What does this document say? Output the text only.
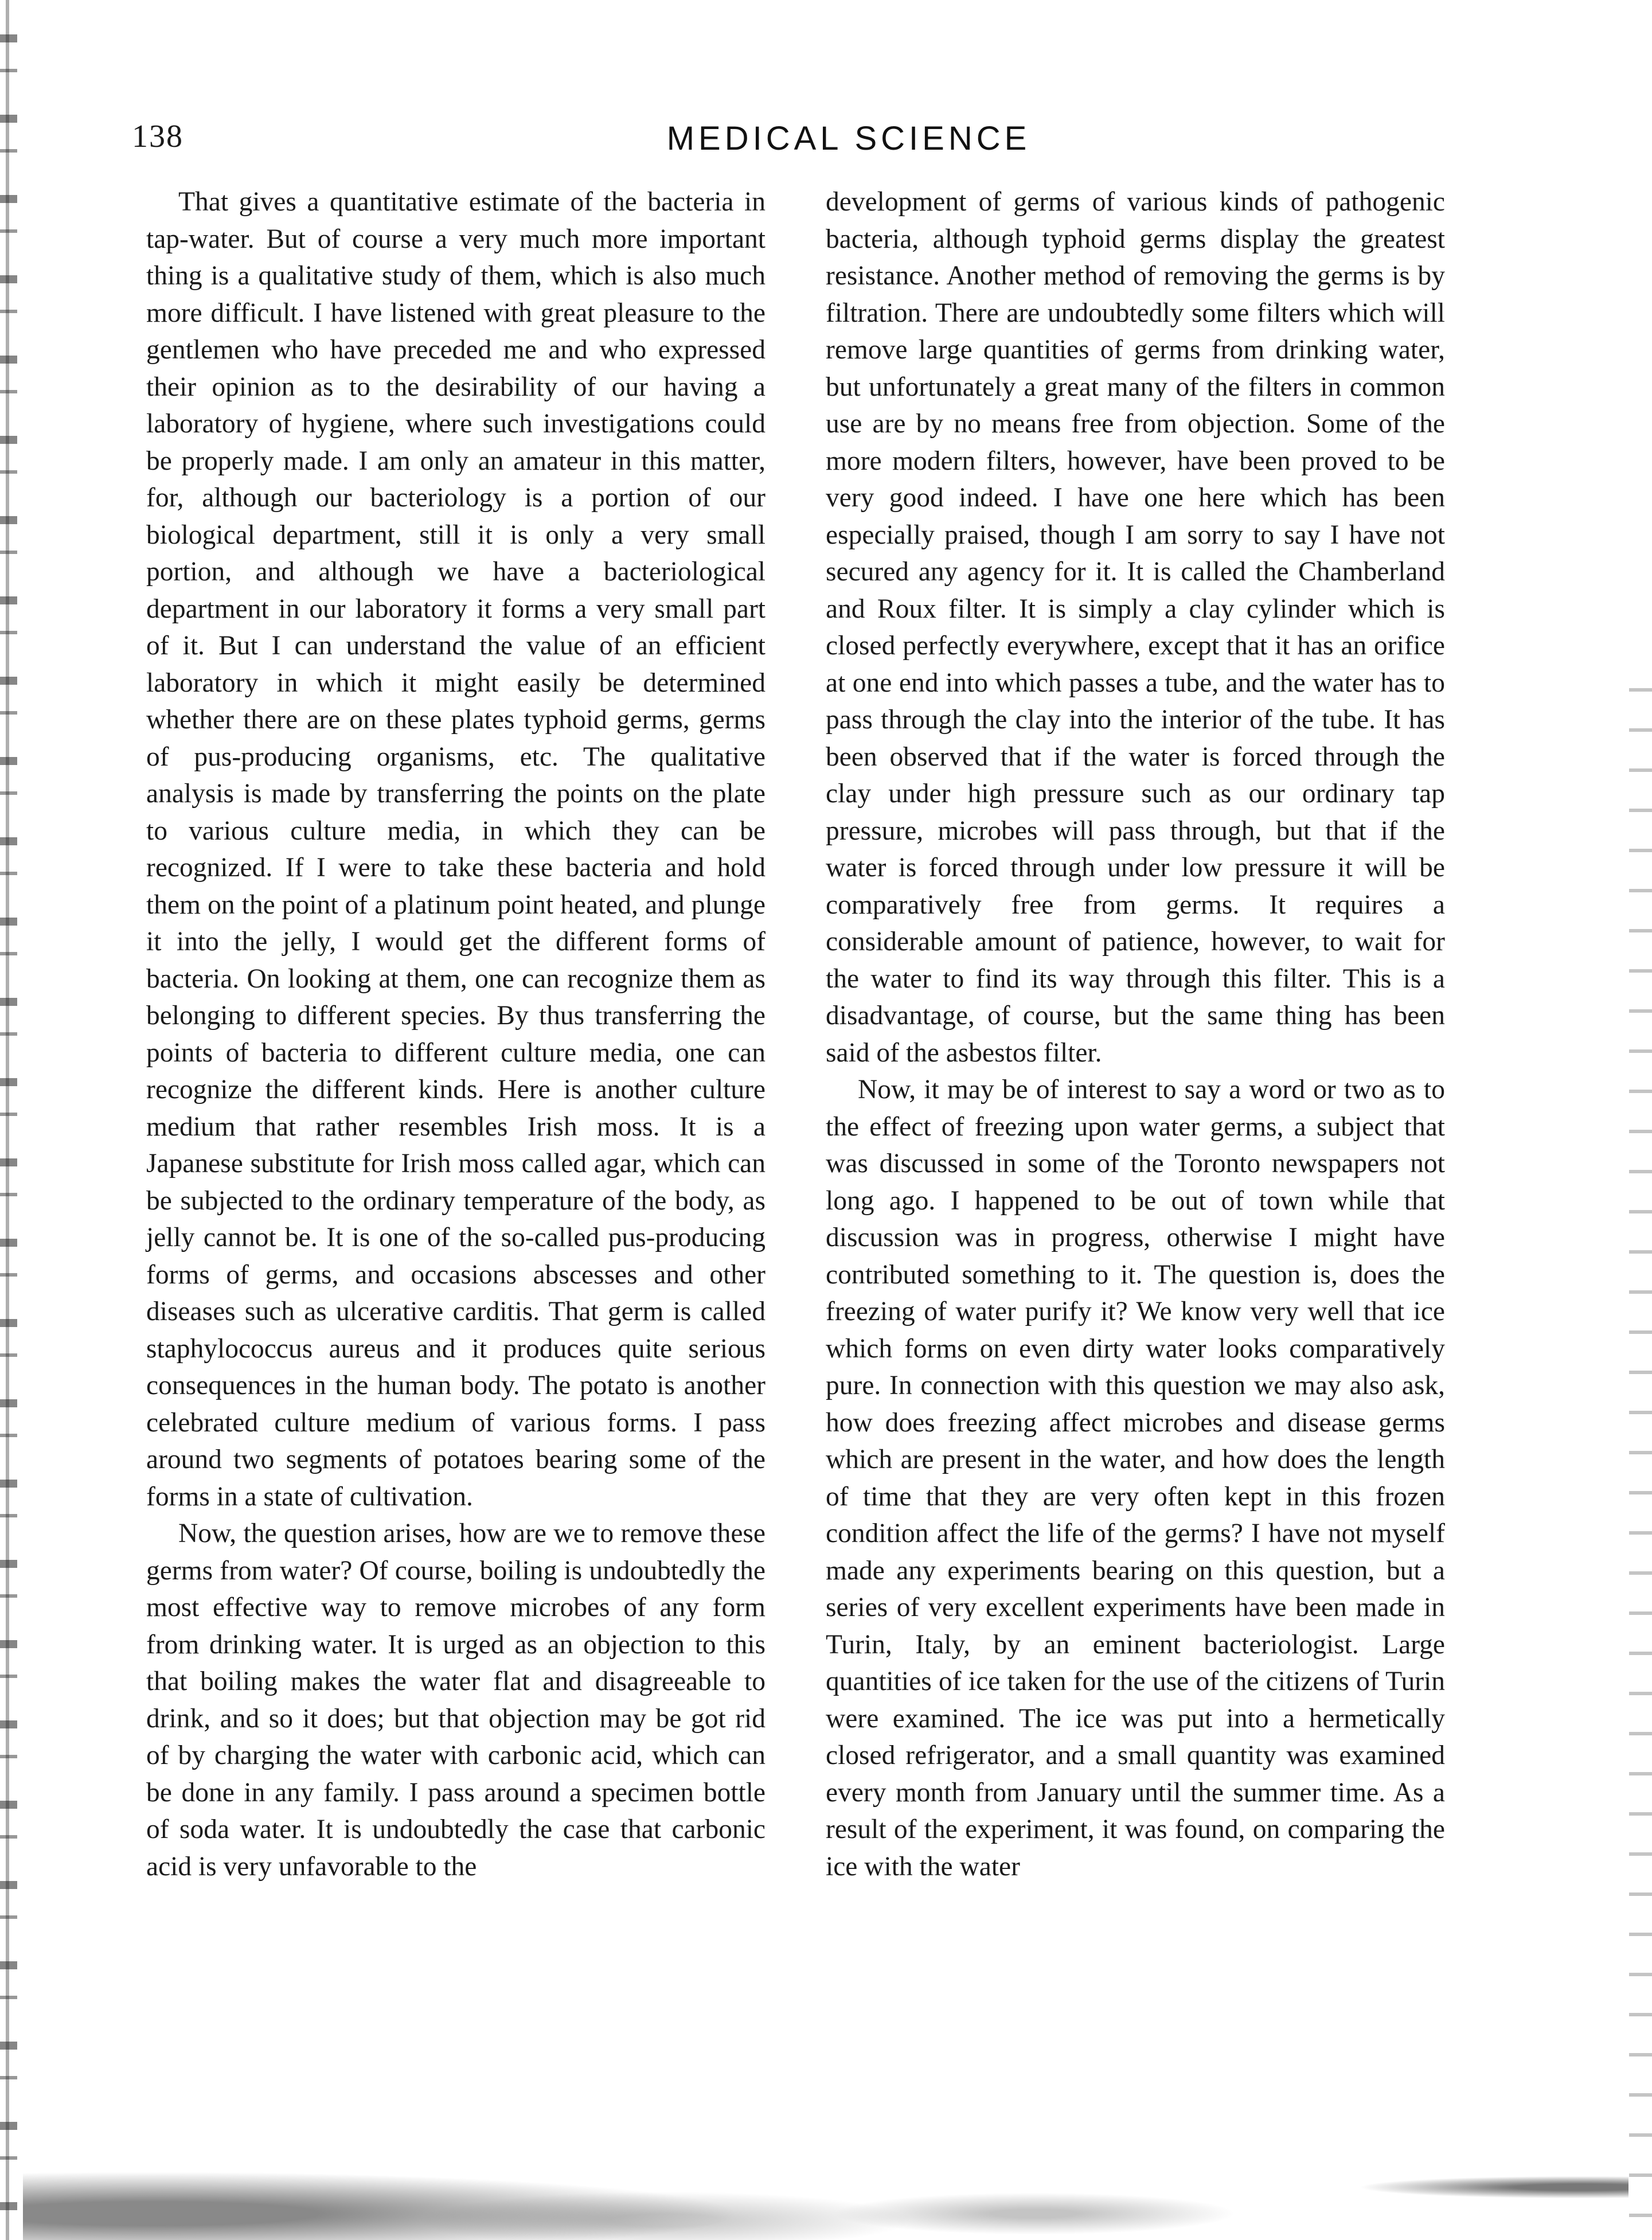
138	MEDICAL SCIENCE

That gives a quantitative estimate of the bacteria in tap-water. But of course a very much more important thing is a qualitative study of them, which is also much more difficult. I have listened with great pleasure to the gentlemen who have preceded me and who expressed their opinion as to the desirability of our having a laboratory of hygiene, where such investigations could be properly made. I am only an amateur in this matter, for, although our bacteriology is a portion of our biological department, still it is only a very small portion, and although we have a bacteriological department in our laboratory it forms a very small part of it. But I can understand the value of an efficient laboratory in which it might easily be determined whether there are on these plates typhoid germs, germs of pus-producing organisms, etc. The qualitative analysis is made by transferring the points on the plate to various culture media, in which they can be recognized. If I were to take these bacteria and hold them on the point of a platinum point heated, and plunge it into the jelly, I would get the different forms of bacteria. On looking at them, one can recognize them as belonging to different species. By thus transferring the points of bacteria to different culture media, one can recognize the different kinds. Here is another culture medium that rather resembles Irish moss. It is a Japanese substitute for Irish moss called agar, which can be subjected to the ordinary temperature of the body, as jelly cannot be. It is one of the so-called pus-producing forms of germs, and occasions abscesses and other diseases such as ulcerative carditis. That germ is called staphylococcus aureus and it produces quite serious consequences in the human body. The potato is another celebrated culture medium of various forms. I pass around two segments of potatoes bearing some of the forms in a state of cultivation.

Now, the question arises, how are we to remove these germs from water? Of course, boiling is undoubtedly the most effective way to remove microbes of any form from drinking water. It is urged as an objection to this that boiling makes the water flat and disagreeable to drink, and so it does; but that objection may be got rid of by charging the water with carbonic acid, which can be done in any family. I pass around a specimen bottle of soda water. It is undoubtedly the case that carbonic acid is very unfavorable to the

development of germs of various kinds of pathogenic bacteria, although typhoid germs display the greatest resistance. Another method of removing the germs is by filtration. There are undoubtedly some filters which will remove large quantities of germs from drinking water, but unfortunately a great many of the filters in common use are by no means free from objection. Some of the more modern filters, however, have been proved to be very good indeed. I have one here which has been especially praised, though I am sorry to say I have not secured any agency for it. It is called the Chamberland and Roux filter. It is simply a clay cylinder which is closed perfectly everywhere, except that it has an orifice at one end into which passes a tube, and the water has to pass through the clay into the interior of the tube. It has been observed that if the water is forced through the clay under high pressure such as our ordinary tap pressure, microbes will pass through, but that if the water is forced through under low pressure it will be comparatively free from germs. It requires a considerable amount of patience, however, to wait for the water to find its way through this filter. This is a disadvantage, of course, but the same thing has been said of the asbestos filter.

Now, it may be of interest to say a word or two as to the effect of freezing upon water germs, a subject that was discussed in some of the Toronto newspapers not long ago. I happened to be out of town while that discussion was in progress, otherwise I might have contributed something to it. The question is, does the freezing of water purify it? We know very well that ice which forms on even dirty water looks comparatively pure. In connection with this question we may also ask, how does freezing affect microbes and disease germs which are present in the water, and how does the length of time that they are very often kept in this frozen condition affect the life of the germs? I have not myself made any experiments bearing on this question, but a series of very excellent experiments have been made in Turin, Italy, by an eminent bacteriologist. Large quantities of ice taken for the use of the citizens of Turin were examined. The ice was put into a hermetically closed refrigerator, and a small quantity was examined every month from January until the summer time. As a result of the experiment, it was found, on comparing the ice with the water
